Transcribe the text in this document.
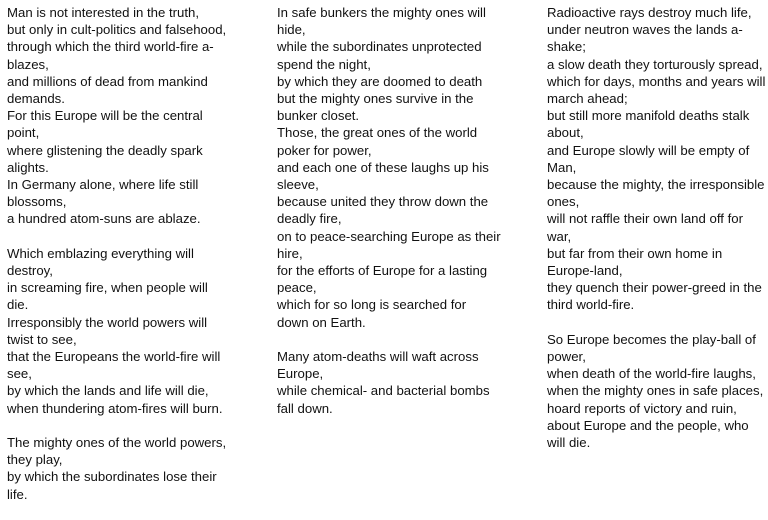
Man is not interested in the truth,
but only in cult-politics and falsehood,
through which the third world-fire a-
blazes,
and millions of dead from mankind
demands.
For this Europe will be the central
point,
where glistening the deadly spark
alights.
In Germany alone, where life still
blossoms,
a hundred atom-suns are ablaze.
Which emblazing everything will
destroy,
in screaming fire, when people will
die.
Irresponsibly the world powers will
twist to see,
that the Europeans the world-fire will
see,
by which the lands and life will die,
when thundering atom-fires will burn.
The mighty ones of the world powers,
they play,
by which the subordinates lose their
life.
In safe bunkers the mighty ones will
hide,
while the subordinates unprotected
spend the night,
by which they are doomed to death
but the mighty ones survive in the
bunker closet.
Those, the great ones of the world
poker for power,
and each one of these laughs up his
sleeve,
because united they throw down the
deadly fire,
on to peace-searching Europe as their
hire,
for the efforts of Europe for a lasting
peace,
which for so long is searched for
down on Earth.
Many atom-deaths will waft across
Europe,
while chemical- and bacterial bombs
fall down.
Radioactive rays destroy much life,
under neutron waves the lands a-
shake;
a slow death they torturously spread,
which for days, months and years will
march ahead;
but still more manifold deaths stalk
about,
and Europe slowly will be empty of
Man,
because the mighty, the irresponsible
ones,
will not raffle their own land off for
war,
but far from their own home in
Europe-land,
they quench their power-greed in the
third world-fire.
So Europe becomes the play-ball of
power,
when death of the world-fire laughs,
when the mighty ones in safe places,
hoard reports of victory and ruin,
about Europe and the people, who
will die.
